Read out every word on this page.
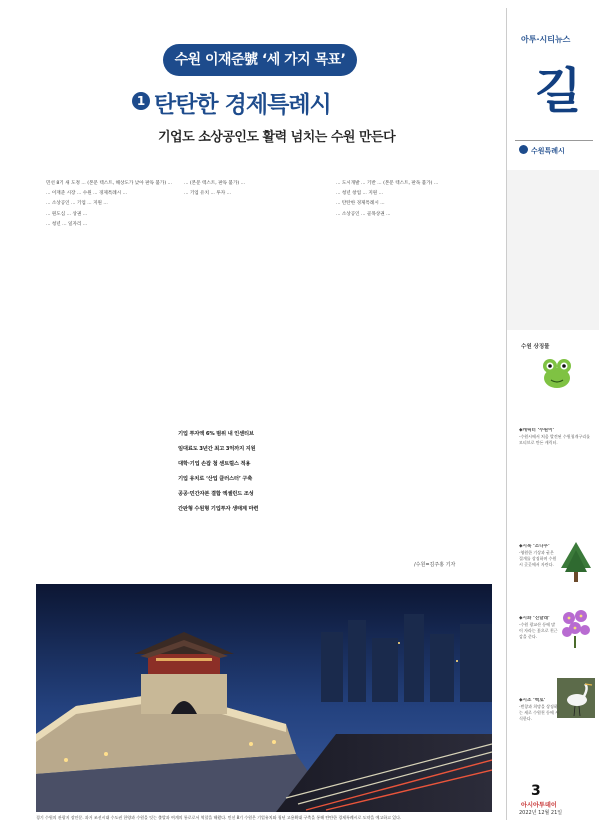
수원 이재준號 ‘세 가지 목표’
1 탄탄한 경제특례시
기업도 소상공인도 활력 넘치는 수원 만든다

민선 8기 새 도정 ... (본문 텍스트, 해상도가 낮아 판독 불가) ...

... 이재준 시장 ... 수원 ... 경제특례시 ...

... 소상공인 ... 기업 ... 지원 ...

... 원도심 ... 상권 ...

... 청년 ... 일자리 ...

... (본문 텍스트, 판독 불가) ...

... 기업 유치 ... 투자 ...

... 도시개발 ... 기반 ... (본문 텍스트, 판독 불가) ...

... 청년 창업 ... 지원 ...

... 탄탄한 경제특례시 ...

... 소상공인 ... 골목상권 ...

기업 투자액 6% 범위 내 인센티브
임대료도 3년간 최고 3억까지 지원
대학·기업 손잡 첨 센트럴스 적용
기업 유치로 ‘산업 클러스터’ 구축
공공·민간자본 결합 엑셀런드 조성
간판형 수원형 기업투자 생태계 마련
/수원=김주홍 기자
경기 수원의 관광지 장안문. 과거 조선시대 수도권 한양과 수원을 잇는 출발과 여계의 통로로서 역할을 해왔다. 민선 8기 수원은 기업유치와 청년 고용확대 구축을 통해 탄탄한 경제특례시로 도약을 예고하고 있다.
아투·시티뉴스
길
수원특례시
수원 상징물
◆캐릭터 ‘수원이’
-수원시에서 처음 발견된 수원청개구리를 모티브로 만든 캐릭터.
◆시목 ‘소나무’
-영원한 기상과 굳은 절개를 상징하며 수원시 곳곳에서 자란다.
◆시화 ‘진달래’
-수원 광교산 등에 많이 자라는 꽃으로 친근감을 준다.
◆시조 ‘백로’
-번창과 희망을 상징하는 새로 수원천 등에 서식한다.
3
아시아투데이
2022년 12월 21일
